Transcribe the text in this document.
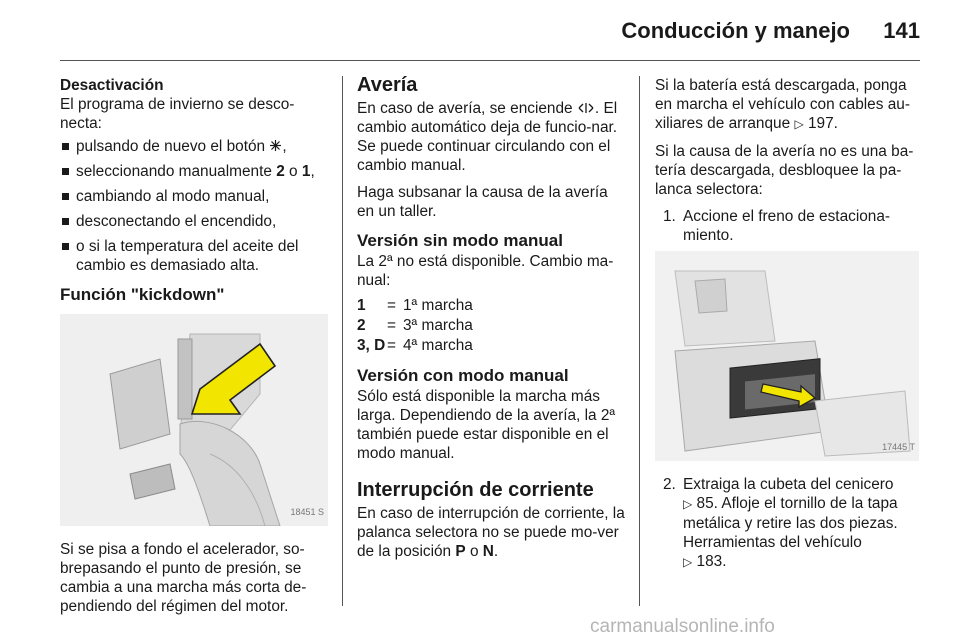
Conducción y manejo 141
Desactivación
El programa de invierno se desco-necta:
pulsando de nuevo el botón ,
seleccionando manualmente 2 o 1,
cambiando al modo manual,
desconectando el encendido,
o si la temperatura del aceite del cambio es demasiado alta.
Función "kickdown"
18451 S

Si se pisa a fondo el acelerador, so-brepasando el punto de presión, se cambia a una marcha más corta de-pendiendo del régimen del motor.

Avería

En caso de avería, se enciende . El cambio automático deja de funcio-nar. Se puede continuar circulando con el cambio manual.

Haga subsanar la causa de la avería en un taller.

Versión sin modo manual
La 2ª no está disponible. Cambio ma-nual:
1	=	1ª marcha
2	=	3ª marcha
3, D	=	4ª marcha
Versión con modo manual

Sólo está disponible la marcha más larga. Dependiendo de la avería, la 2ª también puede estar disponible en el modo manual.

Interrupción de corriente

En caso de interrupción de corriente, la palanca selectora no se puede mo-ver de la posición P o N.

Si la batería está descargada, ponga en marcha el vehículo con cables au-xiliares de arranque ▷ 197.

Si la causa de la avería no es una ba-tería descargada, desbloquee la pa-lanca selectora:

1. Accione el freno de estaciona-miento.
17445 T
2. Extraiga la cubeta del cenicero
▷ 85. Afloje el tornillo de la tapa metálica y retire las dos piezas. Herramientas del vehículo
▷ 183.
carmanualsonline.info
